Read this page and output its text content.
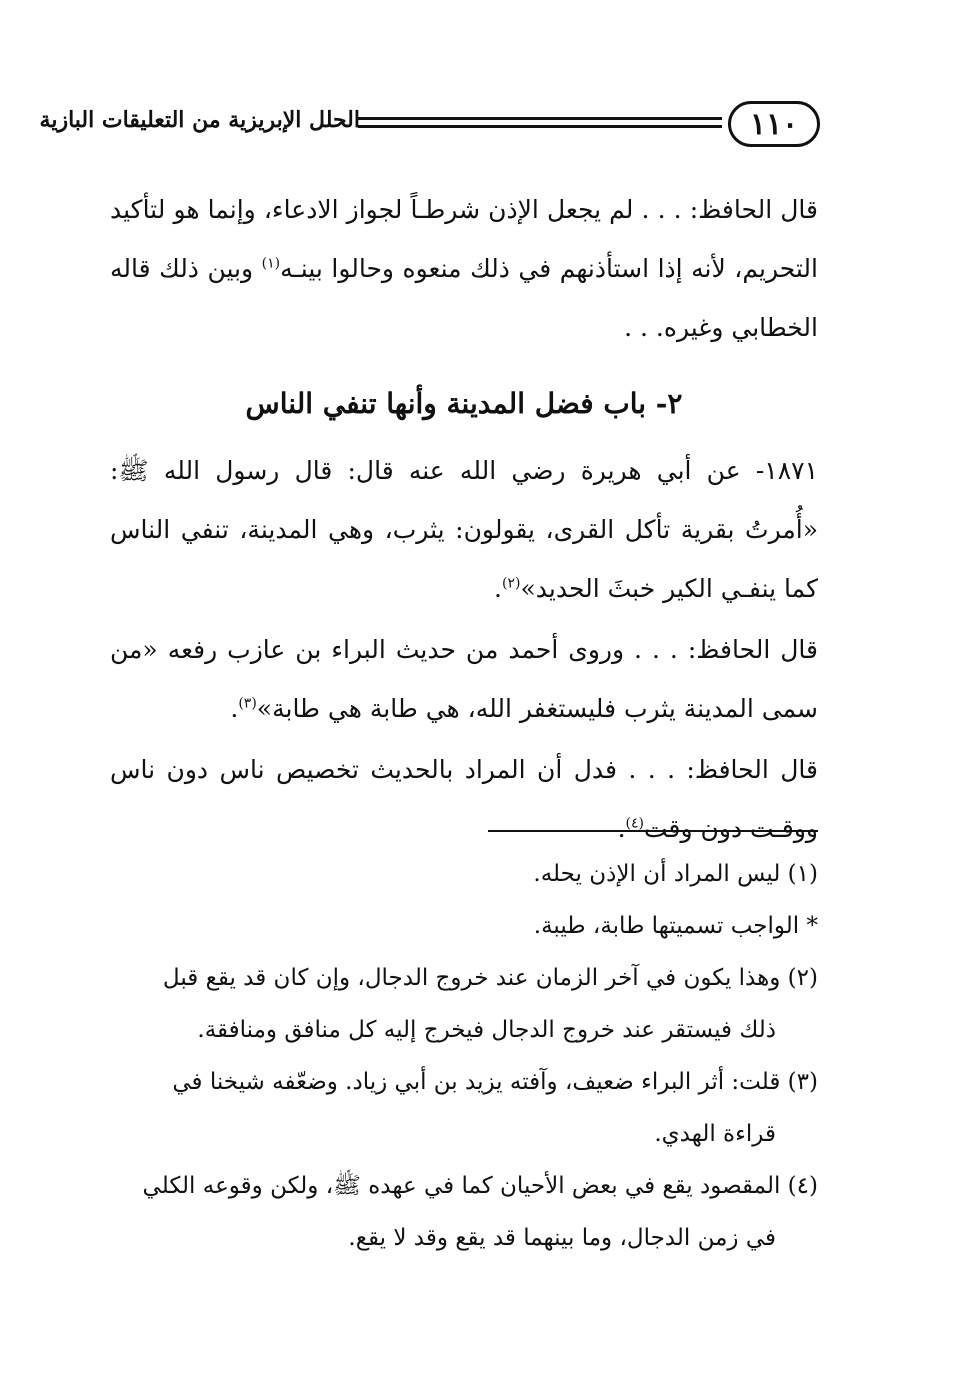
١١٠
الحلل الإبريزية من التعليقات البازية

قال الحافظ: . . . لم يجعل الإذن شرطـاً لجواز الادعاء، وإنما هو لتأكيد التحريم، لأنه إذا استأذنهم في ذلك منعوه وحالوا بينـه$^{(١)}$ وبين ذلك قاله الخطابي وغيره. . .

٢- باب فضل المدينة وأنها تنفي الناس

١٨٧١- عن أبي هريرة رضي الله عنه قال: قال رسول الله ﷺ: «أُمرتُ بقرية تأكل القرى، يقولون: يثرب، وهي المدينة، تنفي الناس كما ينفـي الكير خبثَ الحديد»$^{(٢)}$.

قال الحافظ: . . . وروى أحمد من حديث البراء بن عازب رفعه «من سمى المدينة يثرب فليستغفر الله، هي طابة هي طابة»$^{(٣)}$.

قال الحافظ: . . . فدل أن المراد بالحديث تخصيص ناس دون ناس ووقـت دون وقت$^{(٤)}$.

(١) ليس المراد أن الإذن يحله.

* الواجب تسميتها طابة، طيبة.

(٢) وهذا يكون في آخر الزمان عند خروج الدجال، وإن كان قد يقع قبل
ذلك فيستقر عند خروج الدجال فيخرج إليه كل منافق ومنافقة.

(٣) قلت: أثر البراء ضعيف، وآفته يزيد بن أبي زياد. وضعّفه شيخنا في
قراءة الهدي.

(٤) المقصود يقع في بعض الأحيان كما في عهده ﷺ، ولكن وقوعه الكلي
في زمن الدجال، وما بينهما قد يقع وقد لا يقع.
